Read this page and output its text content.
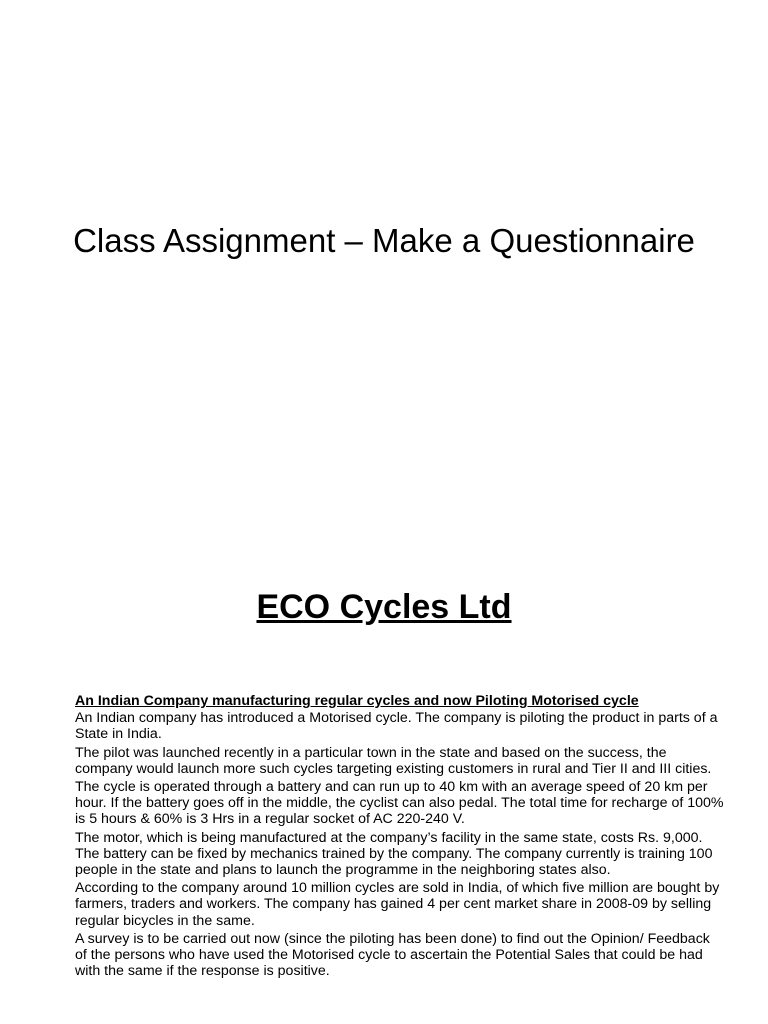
Class Assignment – Make a Questionnaire
ECO Cycles Ltd
An Indian Company manufacturing regular cycles and now Piloting Motorised cycle
An Indian company has introduced a Motorised cycle. The company is piloting the product in parts of a State in India.
The pilot was launched recently in a particular town in the state and based on the success, the company would launch more such cycles targeting existing customers in rural and Tier II and III cities.
The cycle is operated through a battery and can run up to 40 km with an average speed of 20 km per hour. If the battery goes off in the middle, the cyclist can also pedal. The total time for recharge of 100% is 5 hours & 60% is 3 Hrs in a regular socket of AC 220-240 V.
The motor, which is being manufactured at the company’s facility in the same state, costs Rs. 9,000. The battery can be fixed by mechanics trained by the company. The company currently is training 100 people in the state and plans to launch the programme in the neighboring states also.
According to the company around 10 million cycles are sold in India, of which five million are bought by farmers, traders and workers. The company has gained 4 per cent market share in 2008-09 by selling regular bicycles in the same.
A survey is to be carried out now (since the piloting has been done) to find out the Opinion/ Feedback of the persons who have used the Motorised cycle to ascertain the Potential Sales that could be had with the same if the response is positive.
